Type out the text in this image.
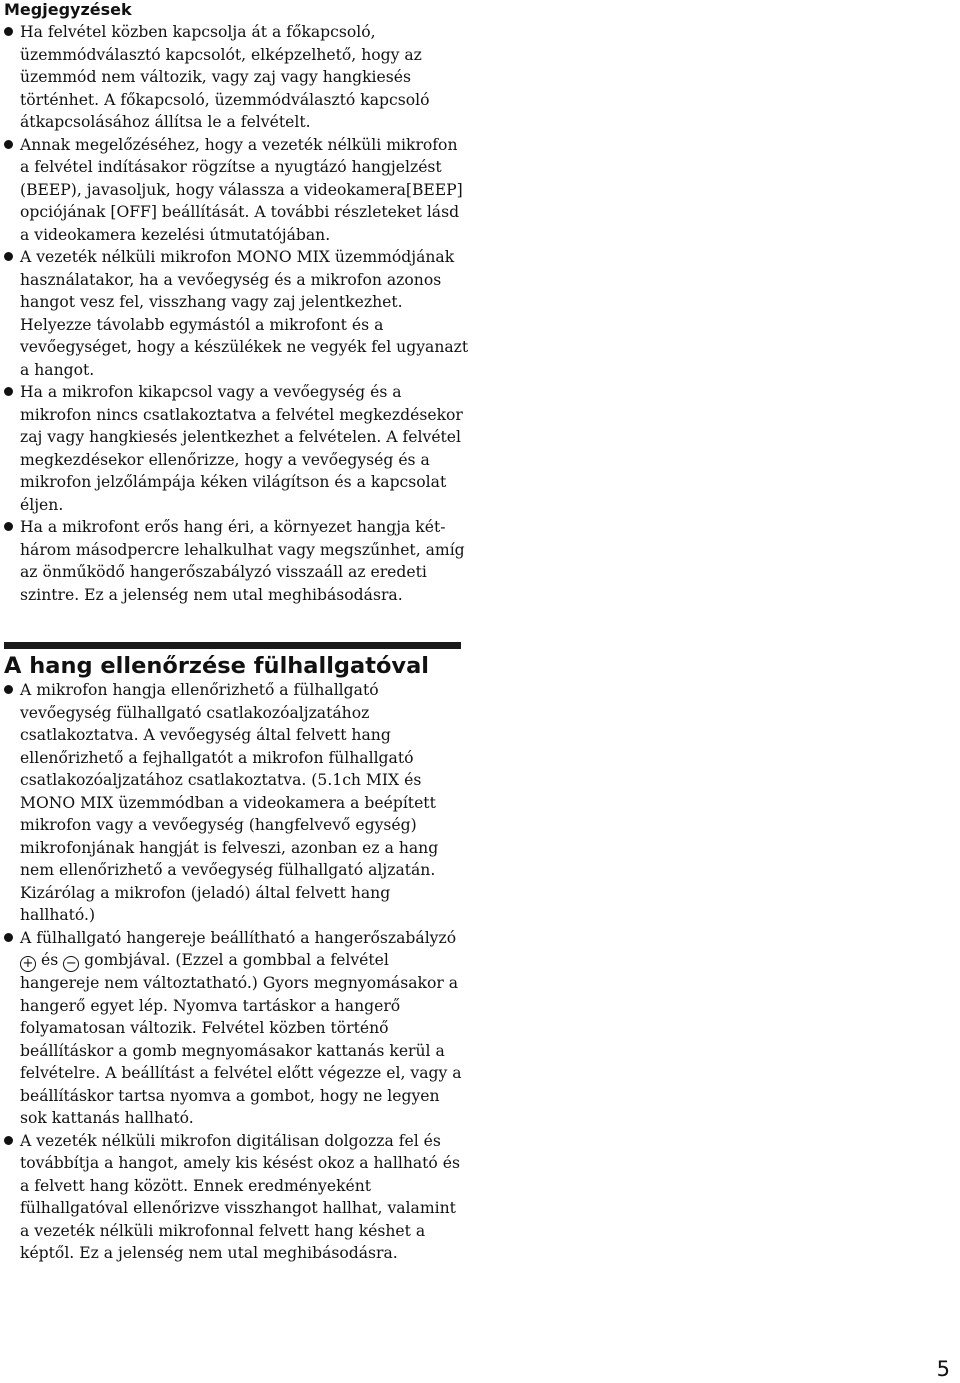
Megjegyzések
Ha felvétel közben kapcsolja át a főkapcsoló, üzemmódválasztó kapcsolót, elképzelhető, hogy az üzemmód nem változik, vagy zaj vagy hangkiesés történhet. A főkapcsoló, üzemmódválasztó kapcsoló átkapcsolásához állítsa le a felvételt.
Annak megelőzéséhez, hogy a vezeték nélküli mikrofon a felvétel indításakor rögzítse a nyugtázó hangjelzést (BEEP), javasoljuk, hogy válassza a videokamera[BEEP] opciójának [OFF] beállítását. A további részleteket lásd a videokamera kezelési útmutatójában.
A vezeték nélküli mikrofon MONO MIX üzemmódjának használatakor, ha a vevőegység és a mikrofon azonos hangot vesz fel, visszhang vagy zaj jelentkezhet. Helyezze távolabb egymástól a mikrofont és a vevőegységet, hogy a készülékek ne vegyék fel ugyanazt a hangot.
Ha a mikrofon kikapcsol vagy a vevőegység és a mikrofon nincs csatlakoztatva a felvétel megkezdésekor zaj vagy hangkiesés jelentkezhet a felvételen. A felvétel megkezdésekor ellenőrizze, hogy a vevőegység és a mikrofon jelzőlámpája kéken világítson és a kapcsolat éljen.
Ha a mikrofont erős hang éri, a környezet hangja két-három másodpercre lehalkulhat vagy megszűnhet, amíg az önműködő hangerőszabályzó visszaáll az eredeti szintre. Ez a jelenség nem utal meghibásodásra.
A hang ellenőrzése fülhallgatóval
A mikrofon hangja ellenőrizhető a fülhallgató vevőegység fülhallgató csatlakozóaljzatához csatlakoztatva. A vevőegység által felvett hang ellenőrizhető a fejhallgatót a mikrofon fülhallgató csatlakozóaljzatához csatlakoztatva. (5.1ch MIX és MONO MIX üzemmódban a videokamera a beépített mikrofon vagy a vevőegység (hangfelvevő egység) mikrofonjának hangját is felveszi, azonban ez a hang nem ellenőrizhető a vevőegység fülhallgató aljzatán. Kizárólag a mikrofon (jeladó) által felvett hang hallható.)
A fülhallgató hangereje beállítható a hangerőszabályzó
+ és − gombjával. (Ezzel a gombbal a felvétel hangereje nem változtatható.) Gyors megnyomásakor a hangerő egyet lép. Nyomva tartáskor a hangerő folyamatosan változik. Felvétel közben történő beállításkor a gomb megnyomásakor kattanás kerül a felvételre. A beállítást a felvétel előtt végezze el, vagy a beállításkor tartsa nyomva a gombot, hogy ne legyen sok kattanás hallható.
A vezeték nélküli mikrofon digitálisan dolgozza fel és továbbítja a hangot, amely kis késést okoz a hallható és a felvett hang között. Ennek eredményeként fülhallgatóval ellenőrizve visszhangot hallhat, valamint a vezeték nélküli mikrofonnal felvett hang késhet a képtől. Ez a jelenség nem utal meghibásodásra.
5
